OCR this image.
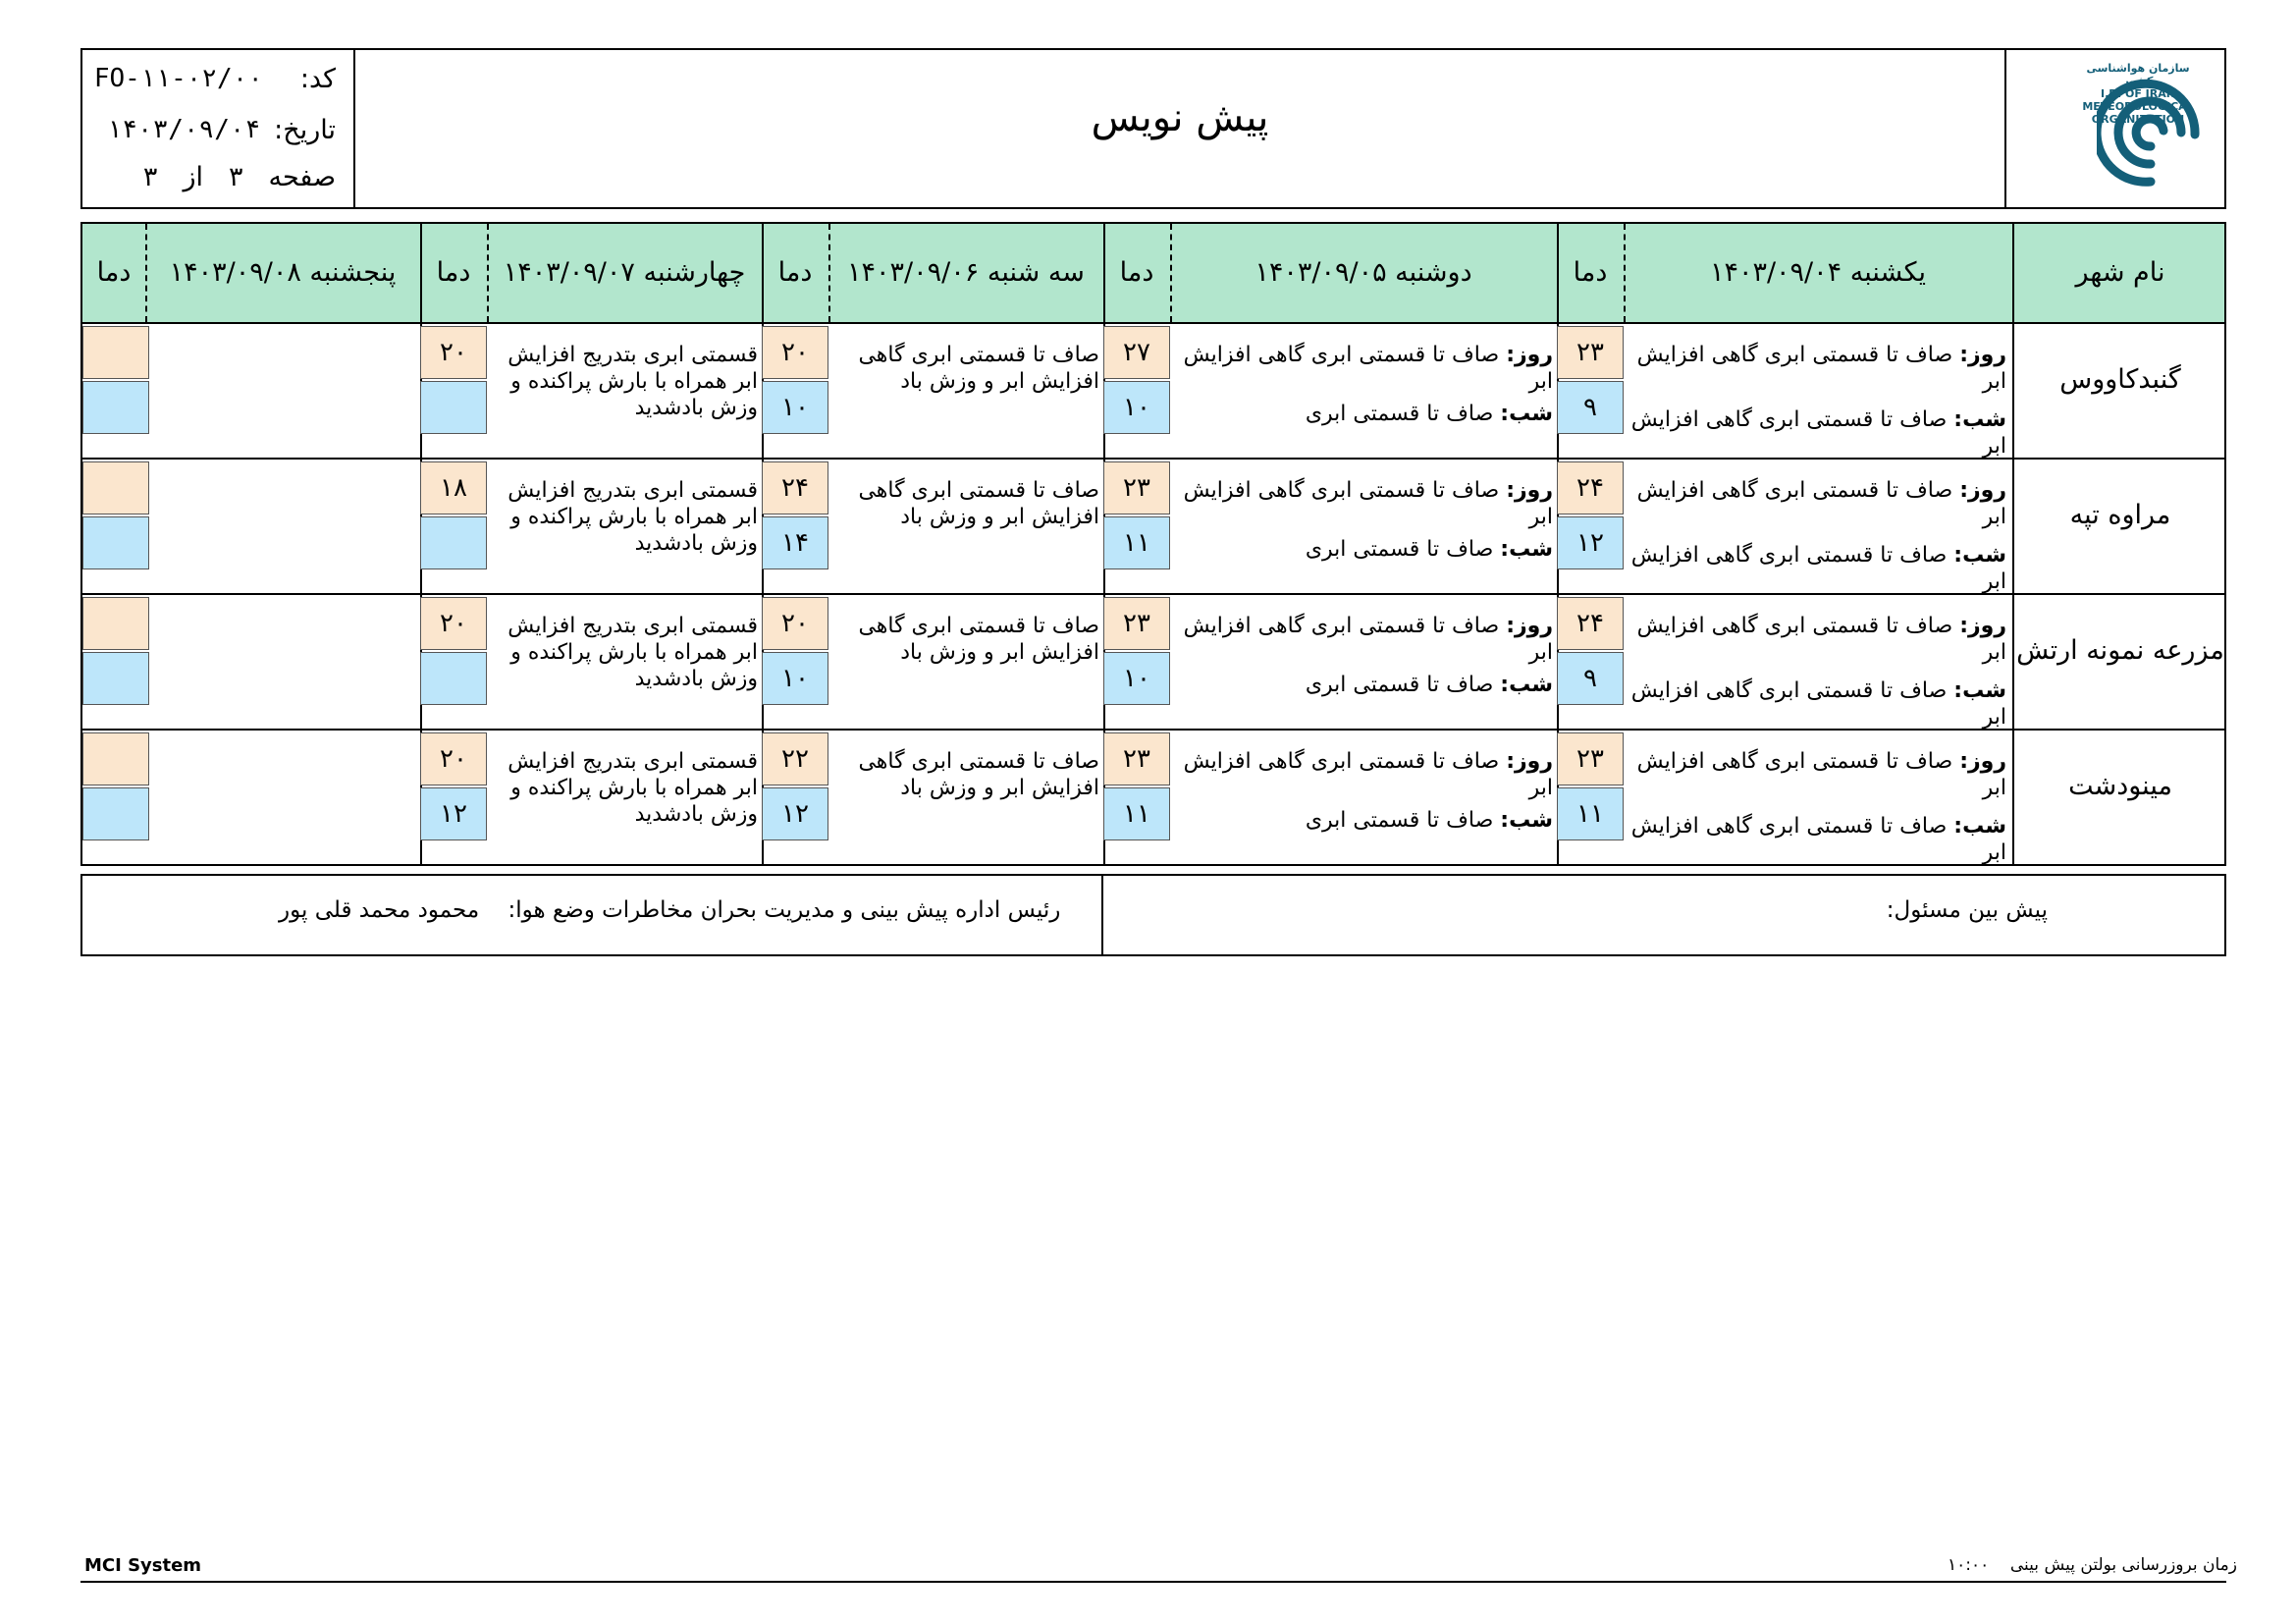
کد:
FO-۱۱-۰۲/۰۰
تاریخ:
۱۴۰۳/۰۹/۰۴
صفحه
۳
از
۳
پیش نویس
سازمان هواشناسی کشور
I.R. OF IRAN
METEOROLOGICAL
ORGANIZATION
نام شهر
یکشنبه ۱۴۰۳/۰۹/۰۴
دما
دوشنبه ۱۴۰۳/۰۹/۰۵
دما
سه شنبه ۱۴۰۳/۰۹/۰۶
دما
چهارشنبه ۱۴۰۳/۰۹/۰۷
دما
پنجشنبه ۱۴۰۳/۰۹/۰۸
دما
گنبدکاووس
روز: صاف تا قسمتی ابری گاهی افزایش ابر
شب: صاف تا قسمتی ابری گاهی افزایش ابر
۲۳
۹
روز: صاف تا قسمتی ابری گاهی افزایش ابر
شب: صاف تا قسمتی ابری
۲۷
۱۰
صاف تا قسمتی ابری گاهی افزایش ابر و وزش باد
۲۰
۱۰
قسمتی ابری بتدریج افزایش ابر همراه با بارش پراکنده و وزش بادشدید
۲۰
مراوه تپه
روز: صاف تا قسمتی ابری گاهی افزایش ابر
شب: صاف تا قسمتی ابری گاهی افزایش ابر
۲۴
۱۲
روز: صاف تا قسمتی ابری گاهی افزایش ابر
شب: صاف تا قسمتی ابری
۲۳
۱۱
صاف تا قسمتی ابری گاهی افزایش ابر و وزش باد
۲۴
۱۴
قسمتی ابری بتدریج افزایش ابر همراه با بارش پراکنده و وزش بادشدید
۱۸
مزرعه نمونه ارتش
روز: صاف تا قسمتی ابری گاهی افزایش ابر
شب: صاف تا قسمتی ابری گاهی افزایش ابر
۲۴
۹
روز: صاف تا قسمتی ابری گاهی افزایش ابر
شب: صاف تا قسمتی ابری
۲۳
۱۰
صاف تا قسمتی ابری گاهی افزایش ابر و وزش باد
۲۰
۱۰
قسمتی ابری بتدریج افزایش ابر همراه با بارش پراکنده و وزش بادشدید
۲۰
مینودشت
روز: صاف تا قسمتی ابری گاهی افزایش ابر
شب: صاف تا قسمتی ابری گاهی افزایش ابر
۲۳
۱۱
روز: صاف تا قسمتی ابری گاهی افزایش ابر
شب: صاف تا قسمتی ابری
۲۳
۱۱
صاف تا قسمتی ابری گاهی افزایش ابر و وزش باد
۲۲
۱۲
قسمتی ابری بتدریج افزایش ابر همراه با بارش پراکنده و وزش بادشدید
۲۰
۱۲
رئیس اداره پیش بینی و مدیریت بحران مخاطرات وضع هوا:    محمود محمد قلی پور	پیش بین مسئول:
MCI System	زمان بروزرسانی بولتن پیش بینی    ۱۰:۰۰
